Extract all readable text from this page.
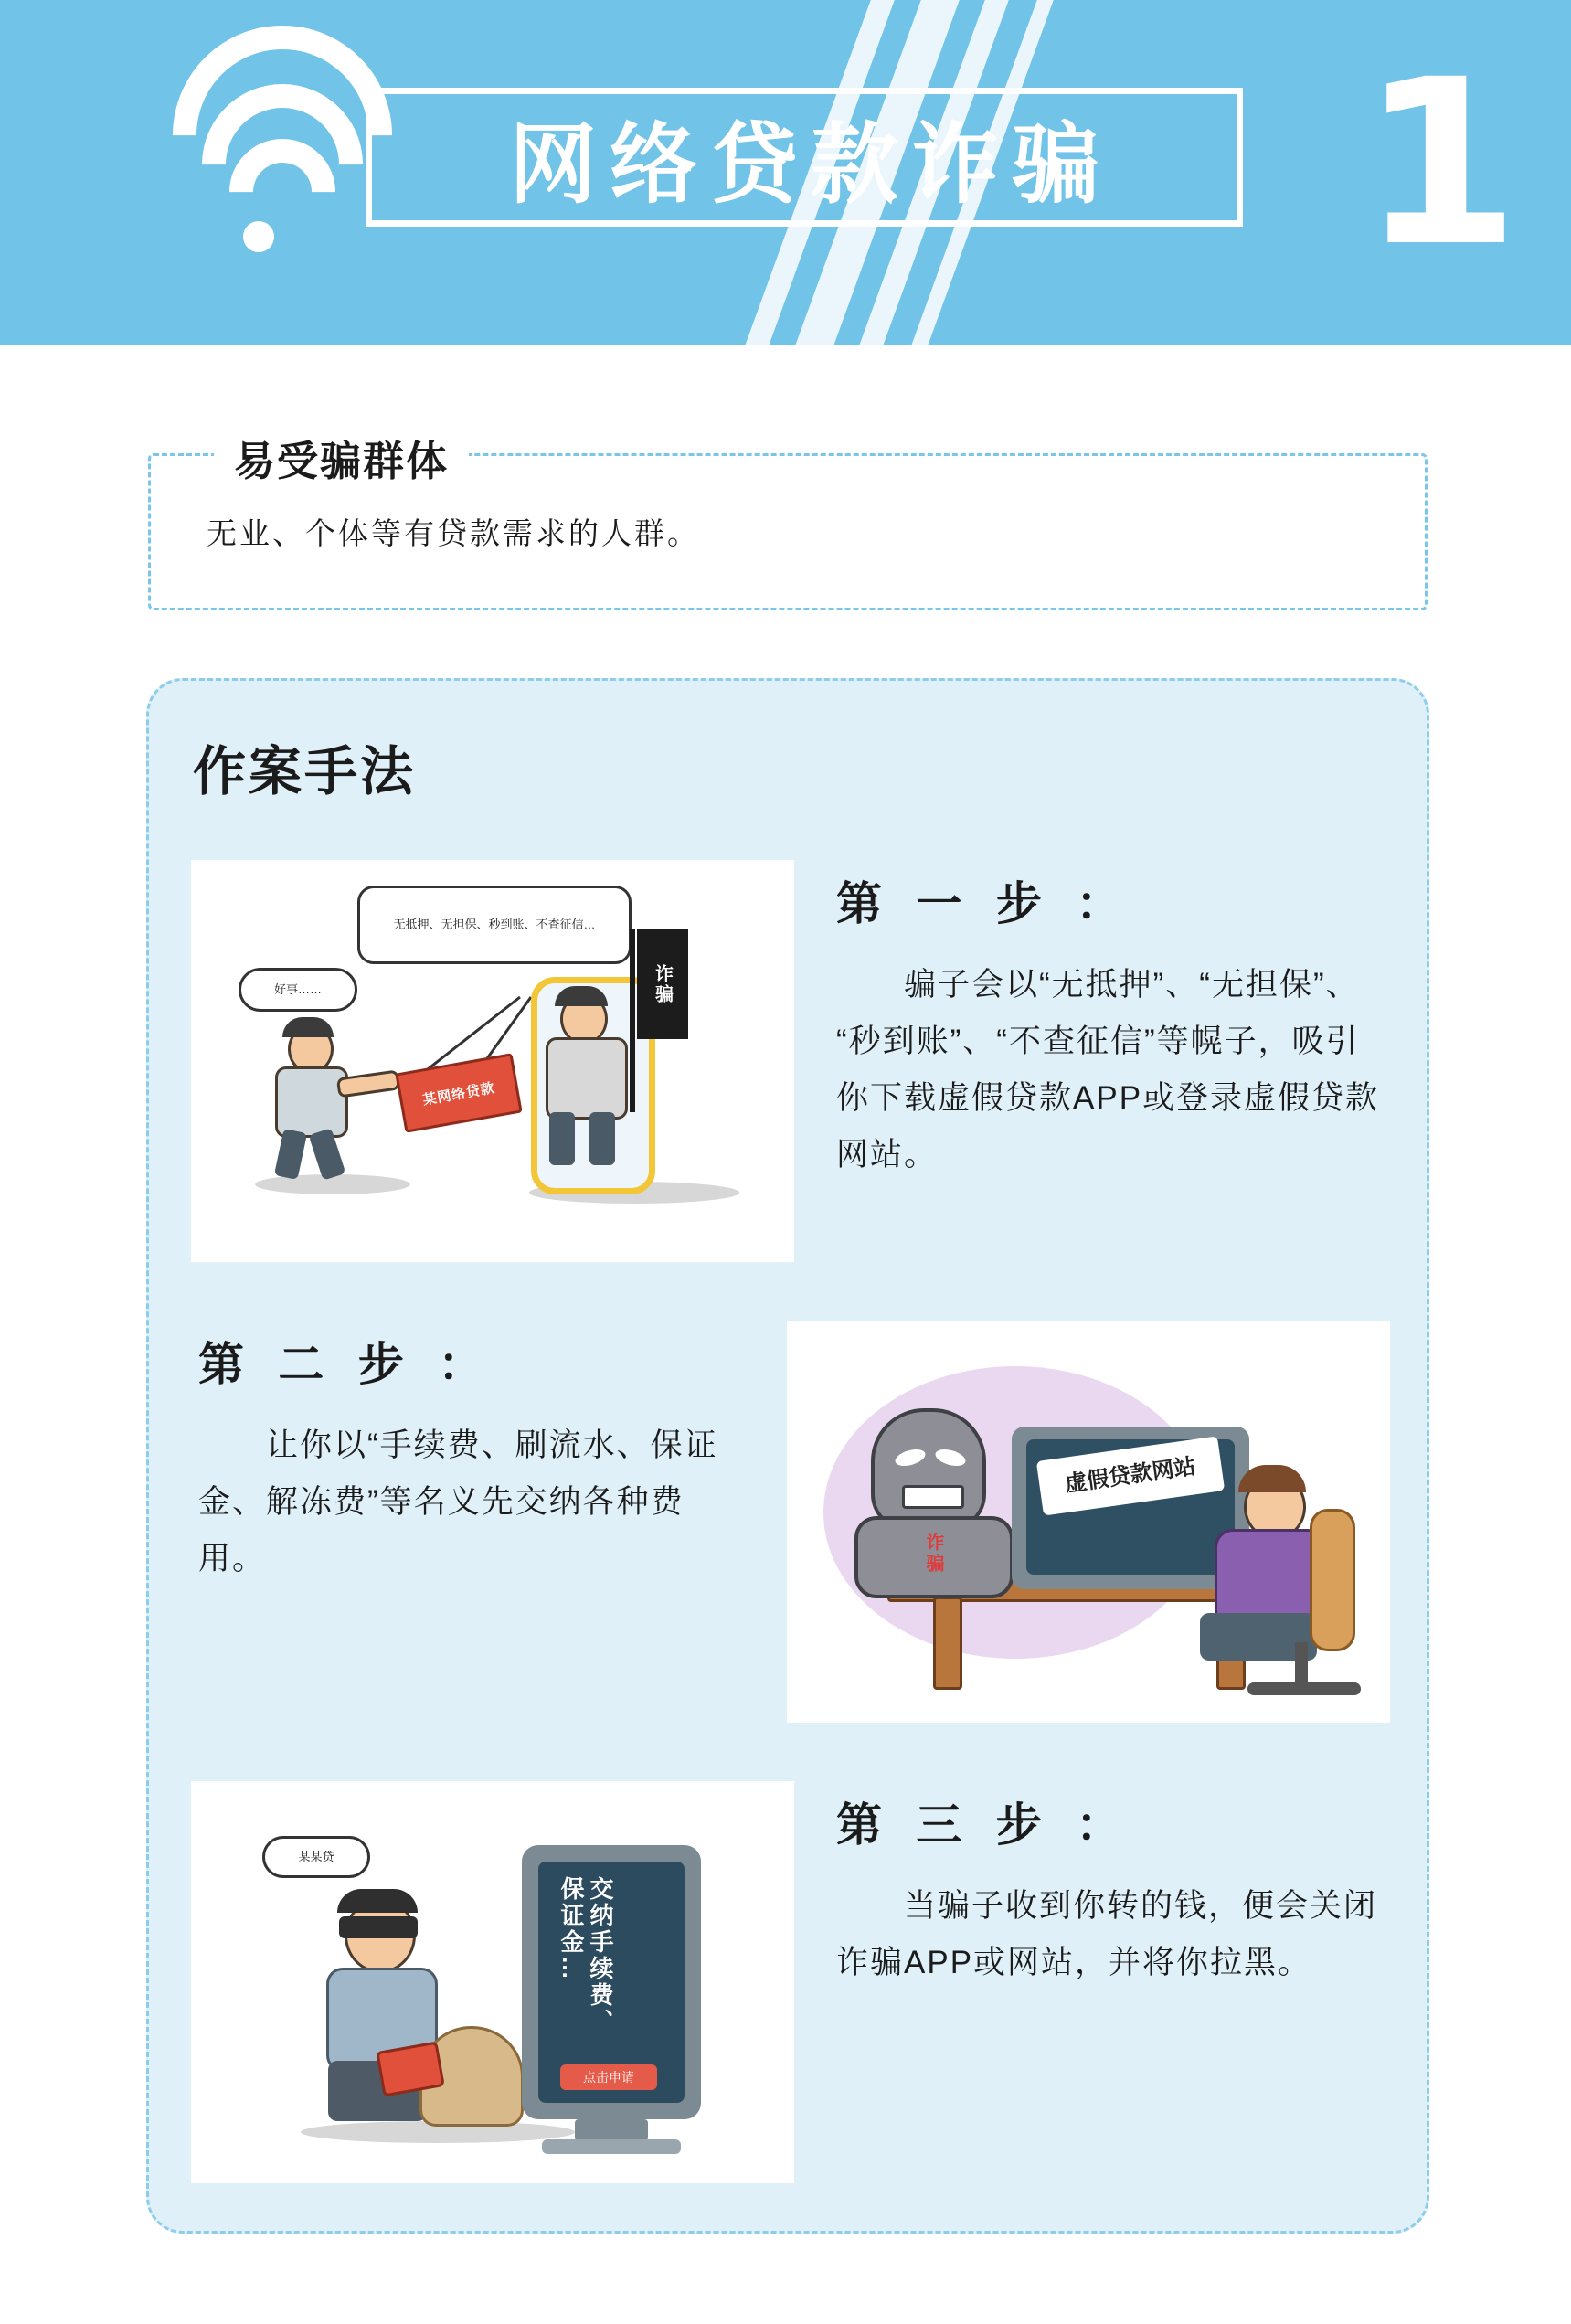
网络贷款诈骗 1
易受骗群体
无业、个体等有贷款需求的人群。
作案手法
无抵押、无担保、秒到账、不查征信…
好事……
某网络贷款
诈骗
第 一 步 ：
骗子会以“无抵押”、“无担保”、“秒到账”、“不查征信”等幌子，吸引你下载虚假贷款APP或登录虚假贷款网站。
第 二 步 ：
让你以“手续费、刷流水、保证金、解冻费”等名义先交纳各种费用。	诈骗
虚假贷款网站
某某贷
交纳手续费、保证金…
点击申请
第 三 步 ：
当骗子收到你转的钱，便会关闭诈骗APP或网站，并将你拉黑。
